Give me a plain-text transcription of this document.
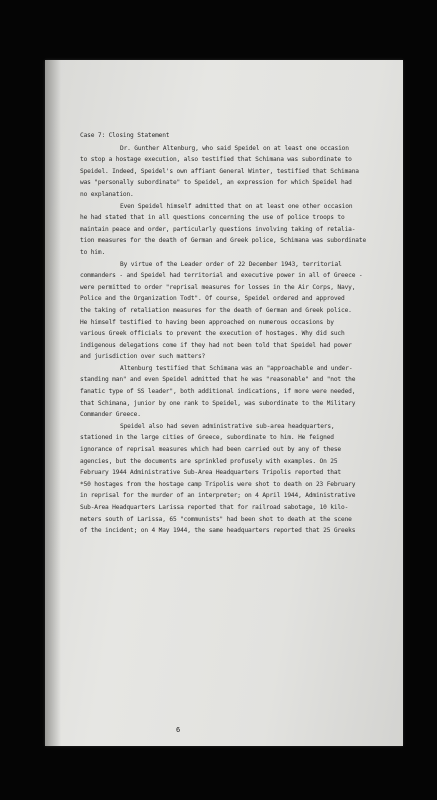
Case 7: Closing Statement
Dr. Gunther Altenburg, who said Speidel on at least one occasion
to stop a hostage execution, also testified that Schimana was subordinate to
Speidel. Indeed, Speidel's own affiant General Winter, testified that Schimana
was "personally subordinate" to Speidel, an expression for which Speidel had
no explanation.
Even Speidel himself admitted that on at least one other occasion
he had stated that in all questions concerning the use of police troops to
maintain peace and order, particularly questions involving taking of retalia-
tion measures for the death of German and Greek police, Schimana was subordinate
to him.
By virtue of the Leader order of 22 December 1943, territorial
commanders - and Speidel had territorial and executive power in all of Greece -
were permitted to order "reprisal measures for losses in the Air Corps, Navy,
Police and the Organization Todt". Of course, Speidel ordered and approved
the taking of retaliation measures for the death of German and Greek police.
He himself testified to having been approached on numerous occasions by
various Greek officials to prevent the execution of hostages. Why did such
indigenous delegations come if they had not been told that Speidel had power
and jurisdiction over such matters?
Altenburg testified that Schimana was an "approachable and under-
standing man" and even Speidel admitted that he was "reasonable" and "not the
fanatic type of SS leader", both additional indications, if more were needed,
that Schimana, junior by one rank to Speidel, was subordinate to the Military
Commander Greece.
Speidel also had seven administrative sub-area headquarters,
stationed in the large cities of Greece, subordinate to him. He feigned
ignorance of reprisal measures which had been carried out by any of these
agencies, but the documents are sprinkled profusely with examples. On 25
February 1944 Administrative Sub-Area Headquarters Tripolis reported that
*50 hostages from the hostage camp Tripolis were shot to death on 23 February
in reprisal for the murder of an interpreter; on 4 April 1944, Administrative
Sub-Area Headquarters Larissa reported that for railroad sabotage, 10 kilo-
meters south of Larissa, 65 "communists" had been shot to death at the scene
of the incident; on 4 May 1944, the same headquarters reported that 25 Greeks
6
